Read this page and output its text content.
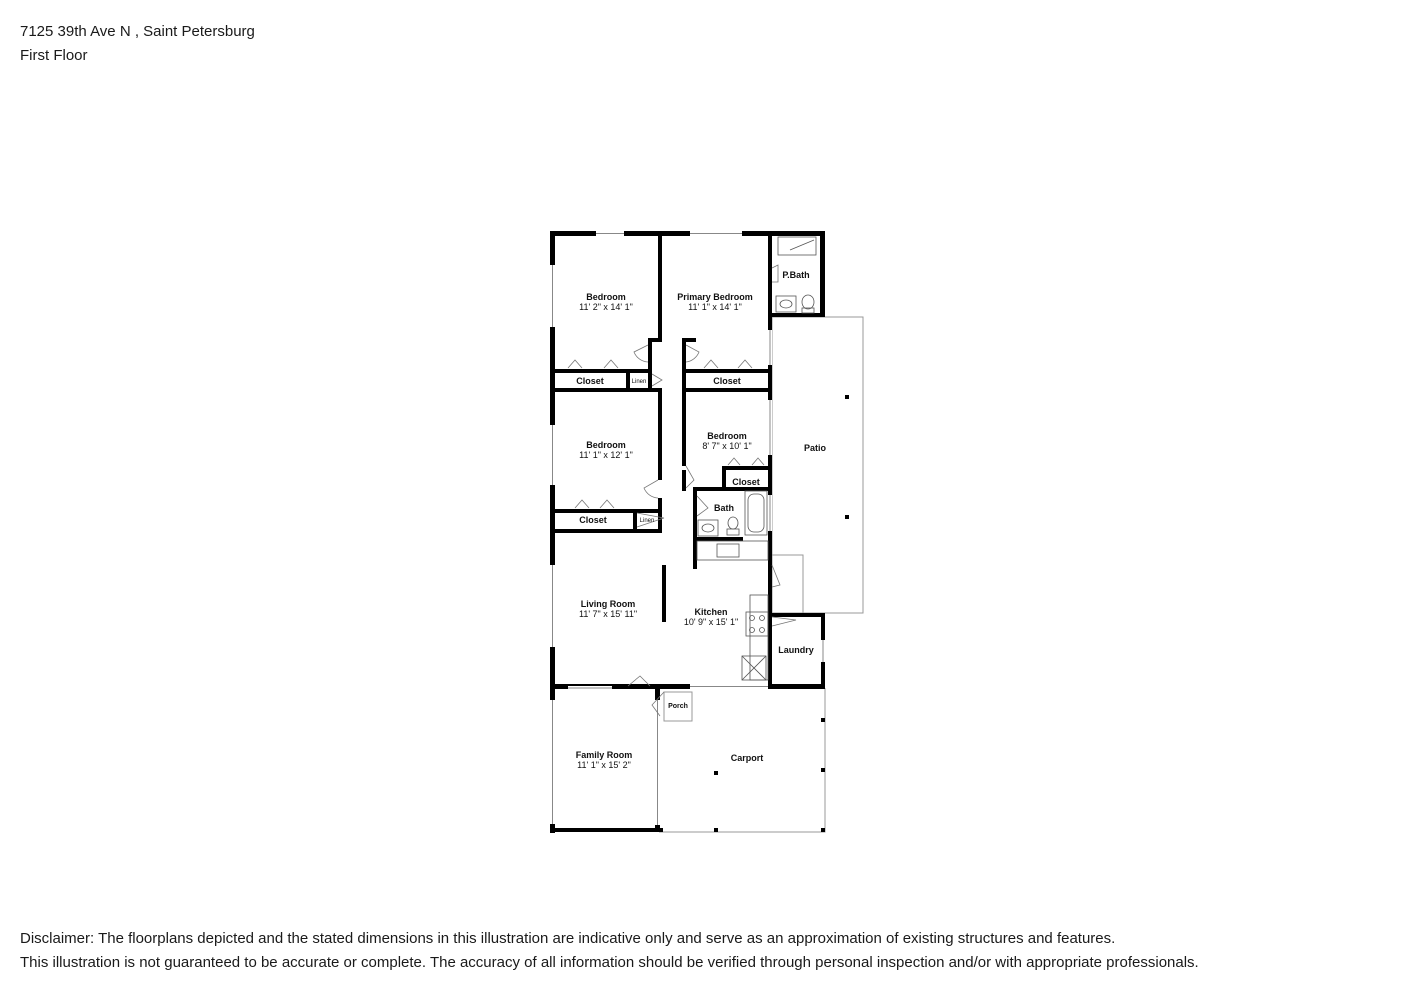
7125 39th Ave N , Saint Petersburg
First Floor
Bedroom
11' 2" x 14' 1"
Primary Bedroom
11' 1" x 14' 1"
P.Bath
Closet	Linen	Closet
Bedroom
11' 1" x 12' 1"
Bedroom
8' 7" x 10' 1"
Closet
Patio
Bath
Closet	Linen
Living Room
11' 7" x 15' 11"	Kitchen
10' 9" x 15' 1"
Laundry
Porch
Family Room
11' 1" x 15' 2"
Carport
Disclaimer: The floorplans depicted and the stated dimensions in this illustration are indicative only and serve as an approximation of existing structures and features.
This illustration is not guaranteed to be accurate or complete. The accuracy of all information should be verified through personal inspection and/or with appropriate professionals.
